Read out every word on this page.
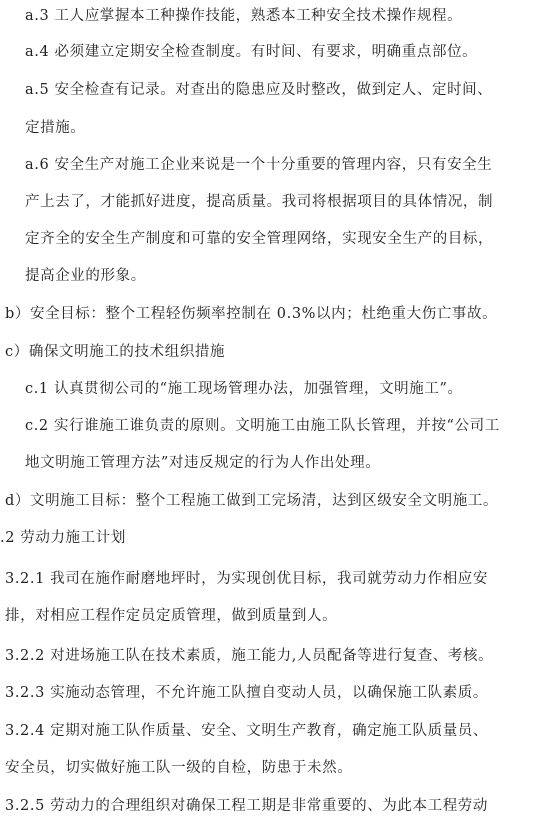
a.3 工人应掌握本工种操作技能，熟悉本工种安全技术操作规程。
a.4 必须建立定期安全检查制度。有时间、有要求，明确重点部位。
a.5 安全检查有记录。对查出的隐患应及时整改，做到定人、定时间、
定措施。
a.6 安全生产对施工企业来说是一个十分重要的管理内容，只有安全生
产上去了，才能抓好进度，提高质量。我司将根据项目的具体情况，制
定齐全的安全生产制度和可靠的安全管理网络，实现安全生产的目标，
提高企业的形象。
b）安全目标：整个工程轻伤频率控制在 0.3%以内；杜绝重大伤亡事故。
c）确保文明施工的技术组织措施
c.1 认真贯彻公司的“施工现场管理办法，加强管理，文明施工”。
c.2 实行谁施工谁负责的原则。文明施工由施工队长管理，并按“公司工
地文明施工管理方法”对违反规定的行为人作出处理。
d）文明施工目标：整个工程施工做到工完场清，达到区级安全文明施工。
.2 劳动力施工计划
3.2.1 我司在施作耐磨地坪时，为实现创优目标，我司就劳动力作相应安
排，对相应工程作定员定质管理，做到质量到人。
3.2.2 对进场施工队在技术素质，施工能力,人员配备等进行复查、考核。
3.2.3 实施动态管理，不允许施工队擅自变动人员，以确保施工队素质。
3.2.4 定期对施工队作质量、安全、文明生产教育，确定施工队质量员、
安全员，切实做好施工队一级的自检，防患于未然。
3.2.5 劳动力的合理组织对确保工程工期是非常重要的、为此本工程劳动
